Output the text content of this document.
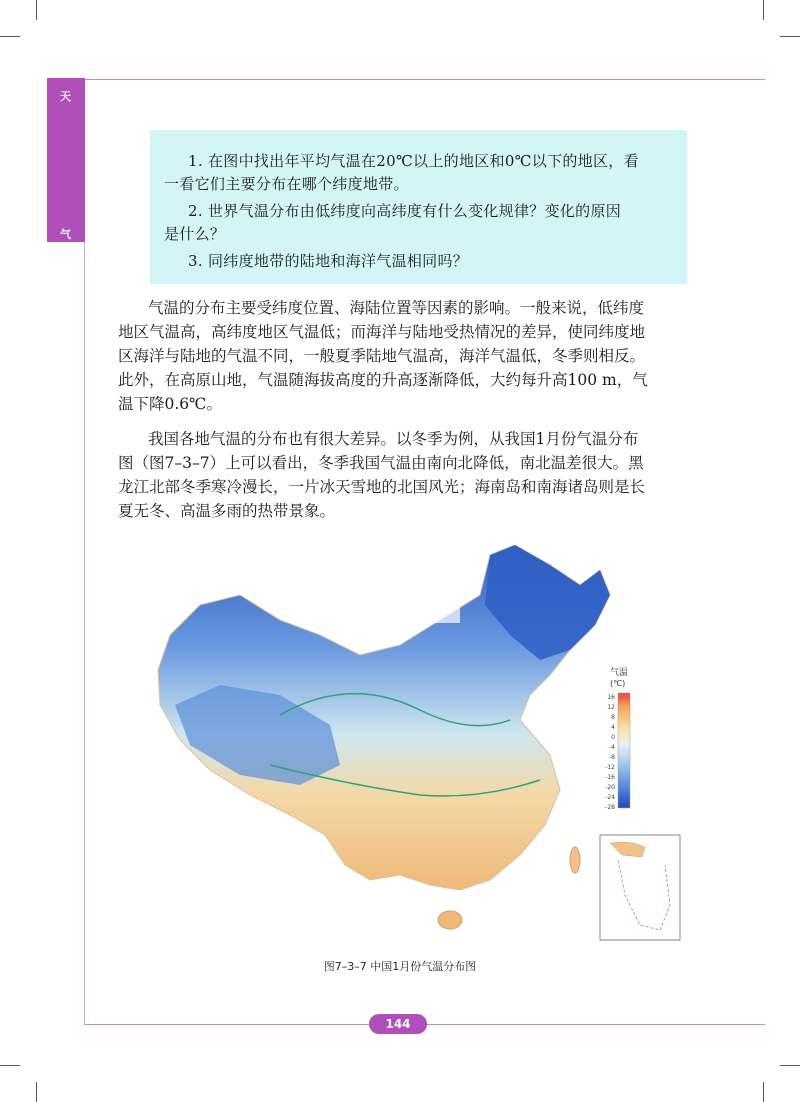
天
气

1. 在图中找出年平均气温在20℃以上的地区和0℃以下的地区，看

一看它们主要分布在哪个纬度地带。

2. 世界气温分布由低纬度向高纬度有什么变化规律？变化的原因

是什么？

3. 同纬度地带的陆地和海洋气温相同吗？

气温的分布主要受纬度位置、海陆位置等因素的影响。一般来说，低纬度

地区气温高，高纬度地区气温低；而海洋与陆地受热情况的差异，使同纬度地

区海洋与陆地的气温不同，一般夏季陆地气温高，海洋气温低，冬季则相反。

此外，在高原山地，气温随海拔高度的升高逐渐降低，大约每升高100 m，气

温下降0.6℃。

我国各地气温的分布也有很大差异。以冬季为例，从我国1月份气温分布

图（图7–3–7）上可以看出，冬季我国气温由南向北降低，南北温差很大。黑

龙江北部冬季寒冷漫长，一片冰天雪地的北国风光；海南岛和南海诸岛则是长

夏无冬、高温多雨的热带景象。

气温
(℃)
16
12
8
4
0
-4
-8
-12
-16
-20
-24
-28
图7–3–7 中国1月份气温分布图
144
